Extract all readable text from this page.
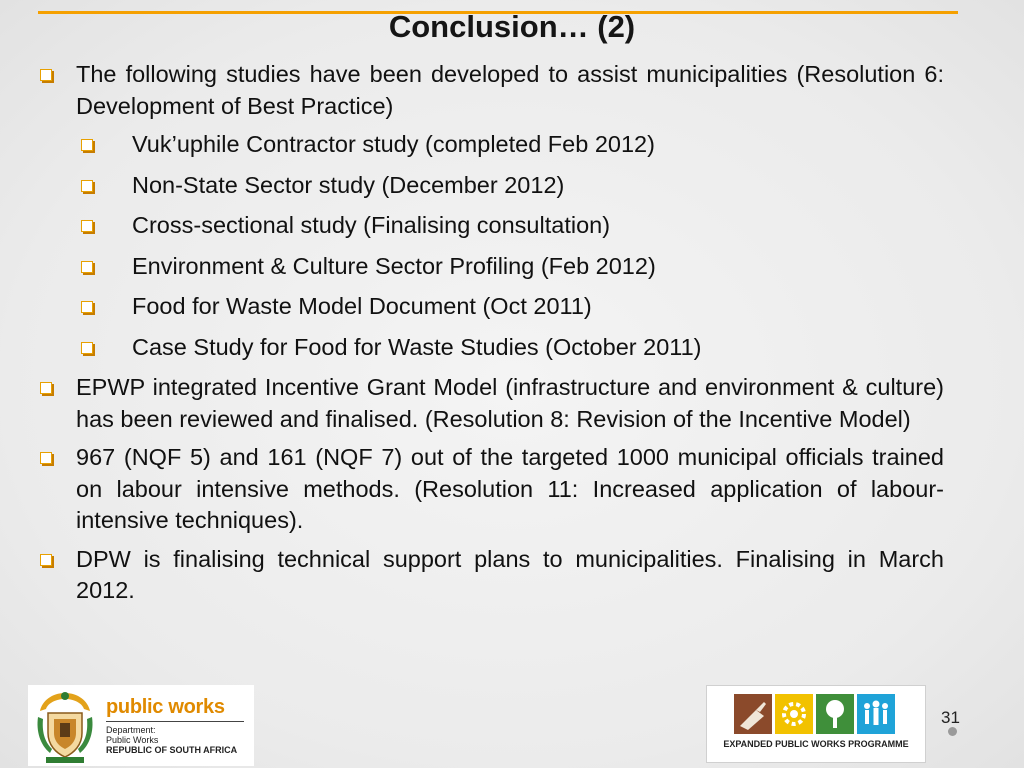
Conclusion… (2)
The following studies have been developed to assist municipalities (Resolution 6: Development of Best Practice)
Vuk’uphile Contractor study (completed Feb 2012)
Non-State Sector study (December 2012)
Cross-sectional study (Finalising consultation)
Environment & Culture Sector Profiling (Feb 2012)
Food for Waste Model Document (Oct 2011)
Case Study for Food for Waste Studies (October 2011)
EPWP integrated Incentive Grant Model (infrastructure and environment & culture) has been reviewed and finalised. (Resolution 8: Revision of the Incentive Model)
967 (NQF 5) and 161 (NQF 7) out of the targeted 1000 municipal officials trained on labour intensive methods. (Resolution 11: Increased application of labour-intensive techniques).
DPW is finalising technical support plans to municipalities. Finalising in March 2012.
public works
Department:
Public Works
REPUBLIC OF SOUTH AFRICA
EXPANDED PUBLIC WORKS PROGRAMME
31
